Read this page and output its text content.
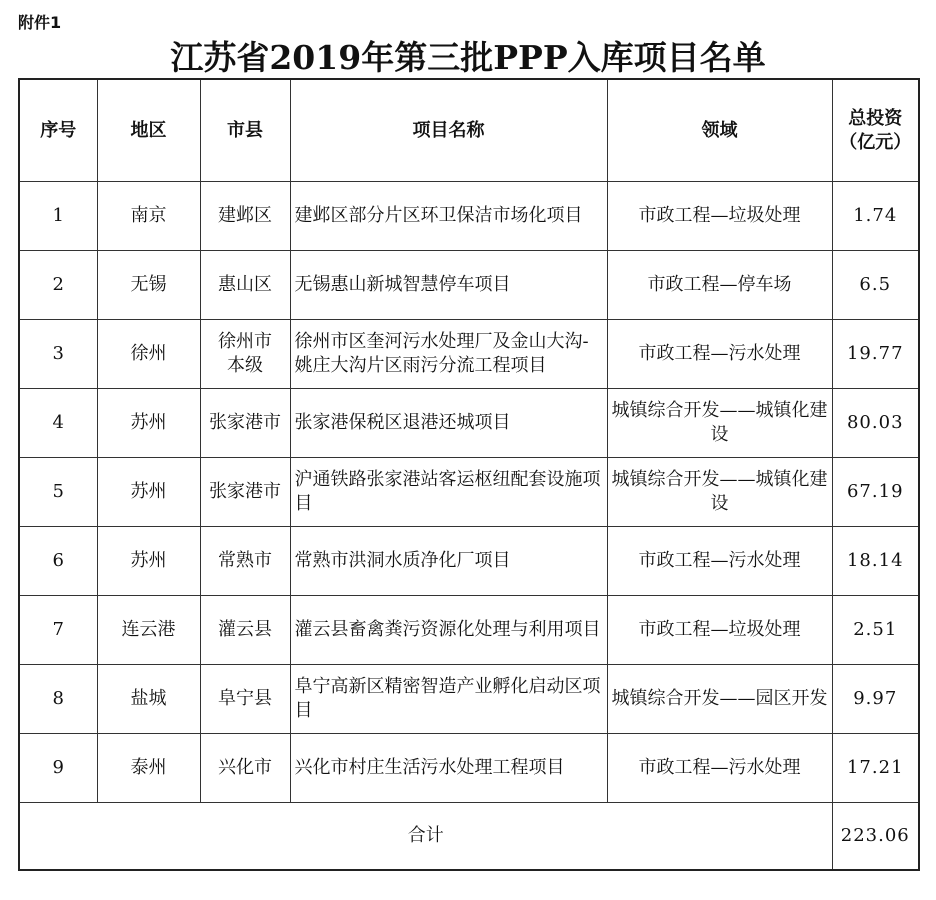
附件1
江苏省2019年第三批PPP入库项目名单
序号	地区	市县	项目名称	领域	总投资
（亿元）

1	南京	建邺区	建邺区部分片区环卫保洁市场化项目	市政工程—垃圾处理	1.74
2	无锡	惠山区	无锡惠山新城智慧停车项目	市政工程—停车场	6.5
3	徐州	徐州市本级	徐州市区奎河污水处理厂及金山大沟-姚庄大沟片区雨污分流工程项目	市政工程—污水处理	19.77
4	苏州	张家港市	张家港保税区退港还城项目	城镇综合开发——城镇化建设	80.03
5	苏州	张家港市	沪通铁路张家港站客运枢纽配套设施项目	城镇综合开发——城镇化建设	67.19
6	苏州	常熟市	常熟市洪洞水质净化厂项目	市政工程—污水处理	18.14
7	连云港	灌云县	灌云县畜禽粪污资源化处理与利用项目	市政工程—垃圾处理	2.51
8	盐城	阜宁县	阜宁高新区精密智造产业孵化启动区项目	城镇综合开发——园区开发	9.97
9	泰州	兴化市	兴化市村庄生活污水处理工程项目	市政工程—污水处理	17.21
合计					223.06
